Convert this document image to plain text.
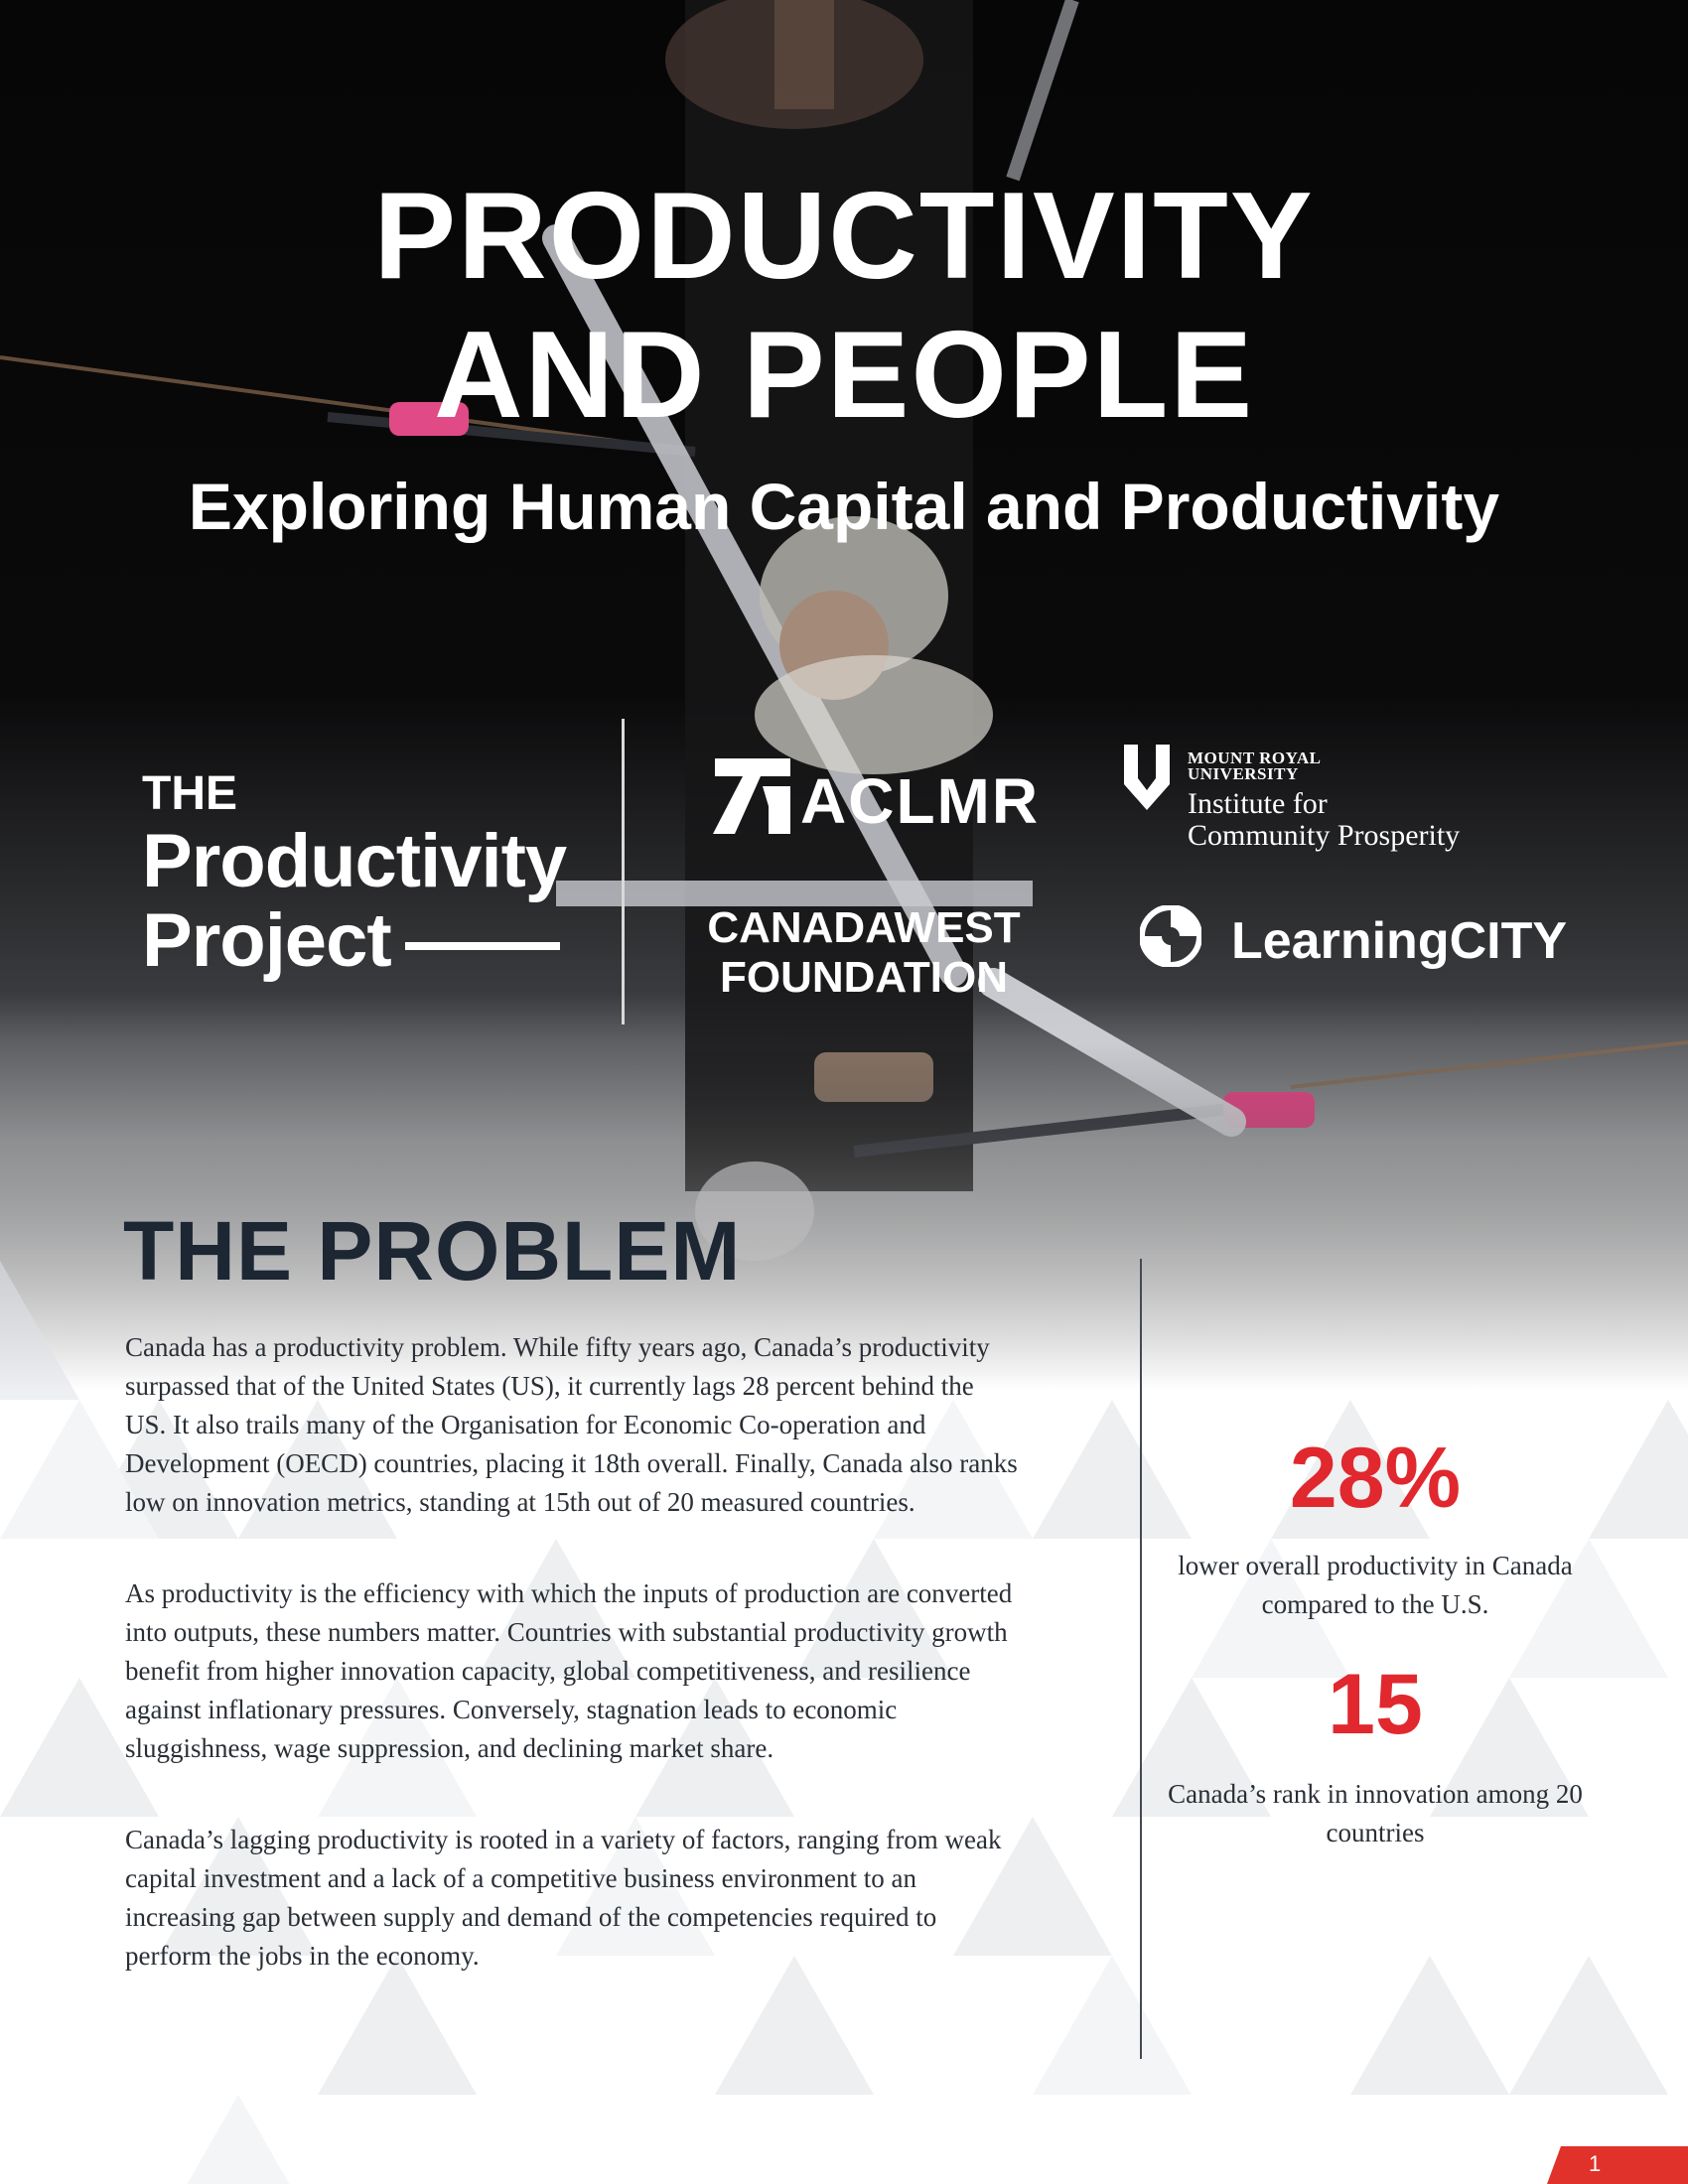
PRODUCTIVITY
AND PEOPLE
Exploring Human Capital and Productivity
THE
Productivity
Project
ACLMR
CANADAWEST
FOUNDATION
MOUNT ROYAL
UNIVERSITY
Institute for
Community Prosperity
LearningCITY
THE PROBLEM

Canada has a productivity problem. While fifty years ago, Canada’s productivity surpassed that of the United States (US), it currently lags 28 percent behind the US. It also trails many of the Organisation for Economic Co-operation and Development (OECD) countries, placing it 18th overall. Finally, Canada also ranks low on innovation metrics, standing at 15th out of 20 measured countries.

As productivity is the efficiency with which the inputs of production are converted into outputs, these numbers matter. Countries with substantial productivity growth benefit from higher innovation capacity, global competitiveness, and resilience against inflationary pressures. Conversely, stagnation leads to economic sluggishness, wage suppression, and declining market share.

Canada’s lagging productivity is rooted in a variety of factors, ranging from weak capital investment and a lack of a competitive business environment to an increasing gap between supply and demand of the competencies required to perform the jobs in the economy.

28%

lower overall productivity in Canada compared to the U.S.

15

Canada’s rank in innovation among 20 countries

1
